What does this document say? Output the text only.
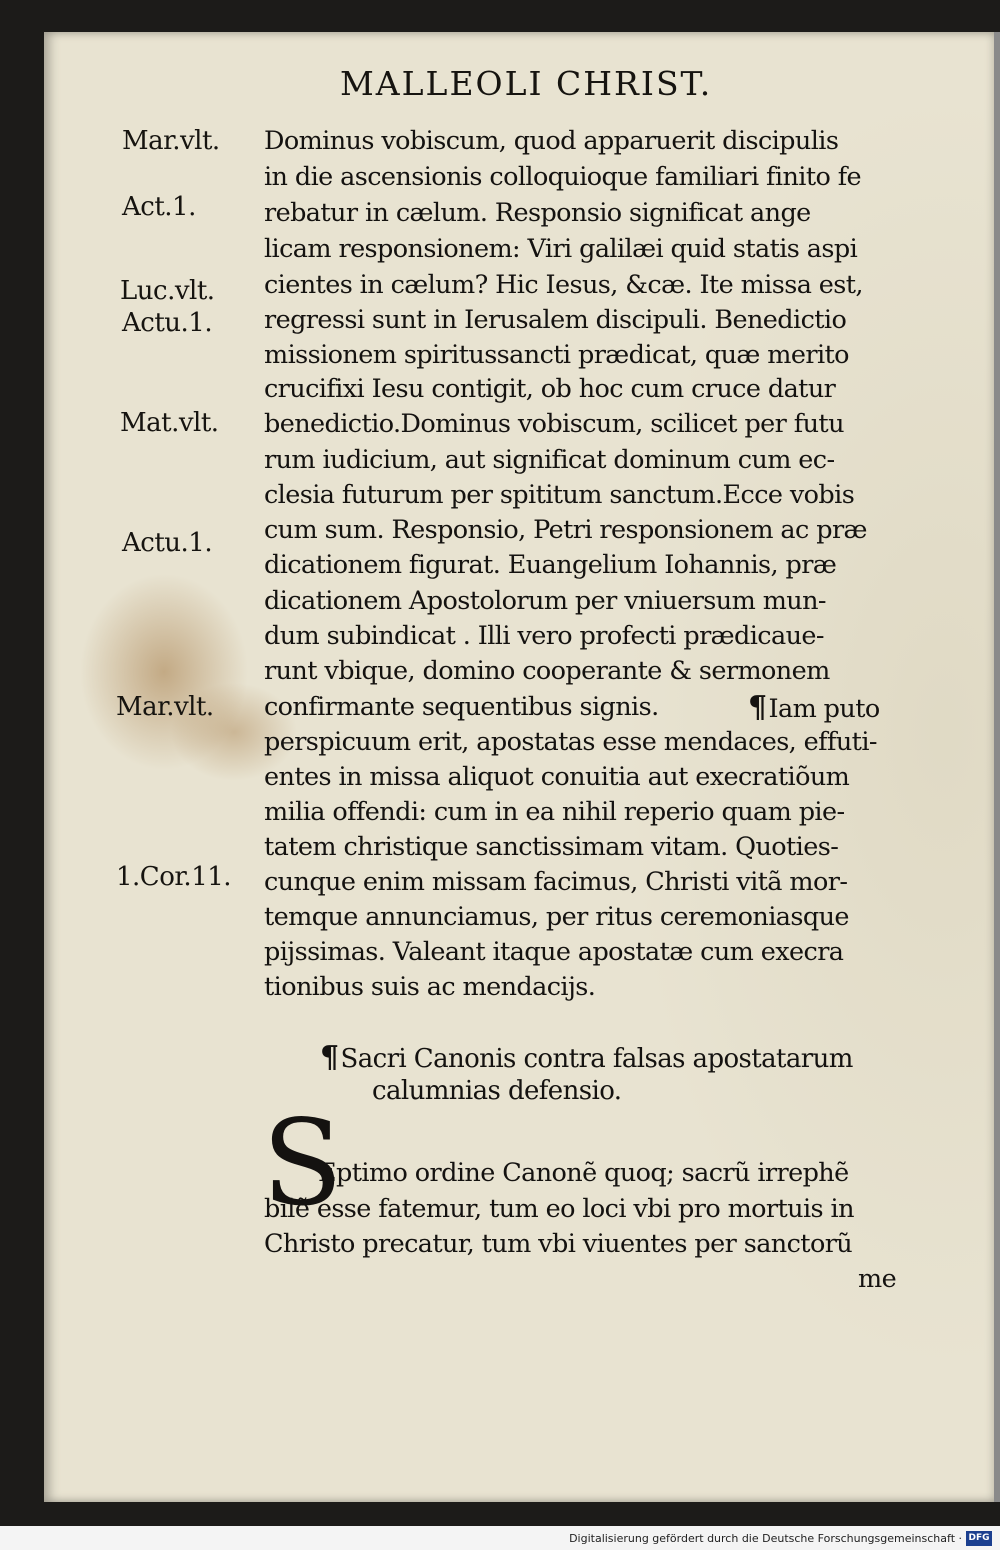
MALLEOLI CHRIST.
Mar.vlt.
Act.1.
Luc.vlt.
Actu.1.
Mat.vlt.
Actu.1.
Mar.vlt.
1.Cor.11.
Dominus vobiscum, quod apparuerit discipulis
in die ascensionis colloquioque familiari finito fe
rebatur in cælum. Responsio significat ange
licam responsionem: Viri galilæi quid statis aspi
cientes in cælum? Hic Iesus, &cæ. Ite missa est,
regressi sunt in Ierusalem discipuli. Benedictio
missionem spiritussancti prædicat, quæ merito
crucifixi Iesu contigit, ob hoc cum cruce datur
benedictio.Dominus vobiscum, scilicet per futu
rum iudicium, aut significat dominum cum ec-
clesia futurum per spititum sanctum.Ecce vobis
cum sum. Responsio, Petri responsionem ac præ
dicationem figurat. Euangelium Iohannis, præ
dicationem Apostolorum per vniuersum mun-
dum subindicat . Illi vero profecti prædicaue-
runt vbique, domino cooperante & sermonem
confirmante sequentibus signis.	¶Iam puto
perspicuum erit, apostatas esse mendaces, effuti-
entes in missa aliquot conuitia aut execratiõum
milia offendi: cum in ea nihil reperio quam pie-
tatem christique sanctissimam vitam. Quoties-
cunque enim missam facimus, Christi vitã mor-
temque annunciamus, per ritus ceremoniasque
pijssimas. Valeant itaque apostatæ cum execra
tionibus suis ac mendacijs.
¶Sacri Canonis contra falsas apostatarum
calumnias defensio.
S
Eptimo ordine Canonẽ quoq; sacrũ irrephẽ
bilẽ esse fatemur, tum eo loci vbi pro mortuis in
Christo precatur, tum vbi viuentes per sanctorũ
me
Digitalisierung gefördert durch die Deutsche Forschungsgemeinschaft · DFG
